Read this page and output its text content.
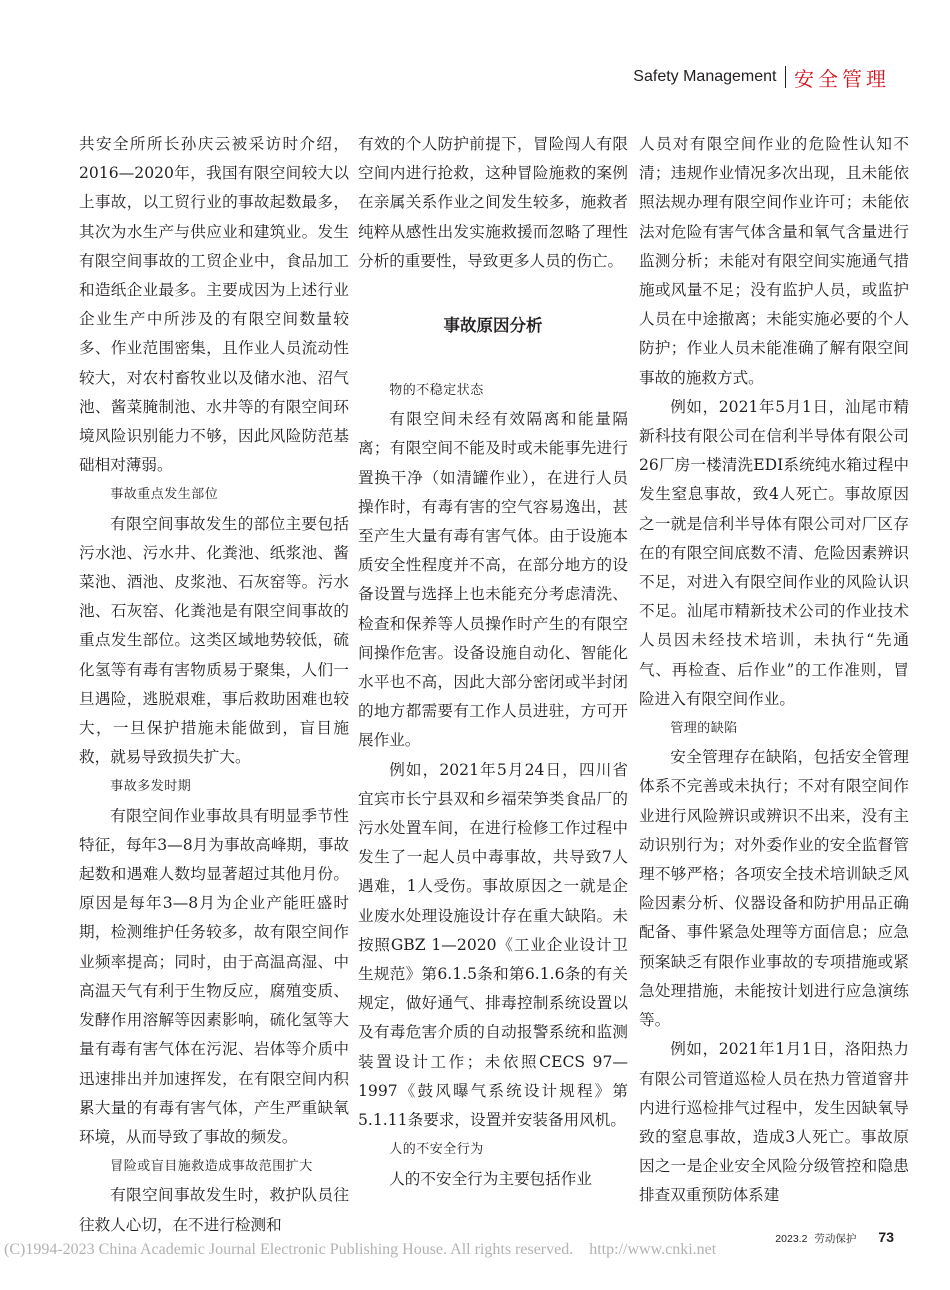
Safety Management 安全管理

共安全所所长孙庆云被采访时介绍，2016—2020年，我国有限空间较大以上事故，以工贸行业的事故起数最多，其次为水生产与供应业和建筑业。发生有限空间事故的工贸企业中，食品加工和造纸企业最多。主要成因为上述行业企业生产中所涉及的有限空间数量较多、作业范围密集，且作业人员流动性较大，对农村畜牧业以及储水池、沼气池、酱菜腌制池、水井等的有限空间环境风险识别能力不够，因此风险防范基础相对薄弱。

事故重点发生部位

有限空间事故发生的部位主要包括污水池、污水井、化粪池、纸浆池、酱菜池、酒池、皮浆池、石灰窑等。污水池、石灰窑、化粪池是有限空间事故的重点发生部位。这类区域地势较低，硫化氢等有毒有害物质易于聚集，人们一旦遇险，逃脱艰难，事后救助困难也较大，一旦保护措施未能做到，盲目施救，就易导致损失扩大。

事故多发时期

有限空间作业事故具有明显季节性特征，每年3—8月为事故高峰期，事故起数和遇难人数均显著超过其他月份。原因是每年3—8月为企业产能旺盛时期，检测维护任务较多，故有限空间作业频率提高；同时，由于高温高湿、中高温天气有利于生物反应，腐殖变质、发酵作用溶解等因素影响，硫化氢等大量有毒有害气体在污泥、岩体等介质中迅速排出并加速挥发，在有限空间内积累大量的有毒有害气体，产生严重缺氧环境，从而导致了事故的频发。

冒险或盲目施救造成事故范围扩大

有限空间事故发生时，救护队员往往救人心切，在不进行检测和

有效的个人防护前提下，冒险闯人有限空间内进行抢救，这种冒险施救的案例在亲属关系作业之间发生较多，施救者纯粹从感性出发实施救援而忽略了理性分析的重要性，导致更多人员的伤亡。

事故原因分析

物的不稳定状态

有限空间未经有效隔离和能量隔离；有限空间不能及时或未能事先进行置换干净（如清罐作业），在进行人员操作时，有毒有害的空气容易逸出，甚至产生大量有毒有害气体。由于设施本质安全性程度并不高，在部分地方的设备设置与选择上也未能充分考虑清洗、检查和保养等人员操作时产生的有限空间操作危害。设备设施自动化、智能化水平也不高，因此大部分密闭或半封闭的地方都需要有工作人员进驻，方可开展作业。

例如，2021年5月24日，四川省宜宾市长宁县双和乡福荣笋类食品厂的污水处置车间，在进行检修工作过程中发生了一起人员中毒事故，共导致7人遇难，1人受伤。事故原因之一就是企业废水处理设施设计存在重大缺陷。未按照GBZ 1—2020《工业企业设计卫生规范》第6.1.5条和第6.1.6条的有关规定，做好通气、排毒控制系统设置以及有毒危害介质的自动报警系统和监测装置设计工作；未依照CECS 97—1997《鼓风曝气系统设计规程》第5.1.11条要求，设置并安装备用风机。

人的不安全行为

人的不安全行为主要包括作业

人员对有限空间作业的危险性认知不清；违规作业情况多次出现，且未能依照法规办理有限空间作业许可；未能依法对危险有害气体含量和氧气含量进行监测分析；未能对有限空间实施通气措施或风量不足；没有监护人员，或监护人员在中途撤离；未能实施必要的个人防护；作业人员未能准确了解有限空间事故的施救方式。

例如，2021年5月1日，汕尾市精新科技有限公司在信利半导体有限公司26厂房一楼清洗EDI系统纯水箱过程中发生窒息事故，致4人死亡。事故原因之一就是信利半导体有限公司对厂区存在的有限空间底数不清、危险因素辨识不足，对进入有限空间作业的风险认识不足。汕尾市精新技术公司的作业技术人员因未经技术培训，未执行“先通气、再检查、后作业”的工作准则，冒险进入有限空间作业。

管理的缺陷

安全管理存在缺陷，包括安全管理体系不完善或未执行；不对有限空间作业进行风险辨识或辨识不出来，没有主动识别行为；对外委作业的安全监督管理不够严格；各项安全技术培训缺乏风险因素分析、仪器设备和防护用品正确配备、事件紧急处理等方面信息；应急预案缺乏有限作业事故的专项措施或紧急处理措施，未能按计划进行应急演练等。

例如，2021年1月1日，洛阳热力有限公司管道巡检人员在热力管道窨井内进行巡检排气过程中，发生因缺氧导致的窒息事故，造成3人死亡。事故原因之一是企业安全风险分级管控和隐患排查双重预防体系建

2023.2 劳动保护 73
(C)1994-2023 China Academic Journal Electronic Publishing House. All rights reserved. http://www.cnki.net
